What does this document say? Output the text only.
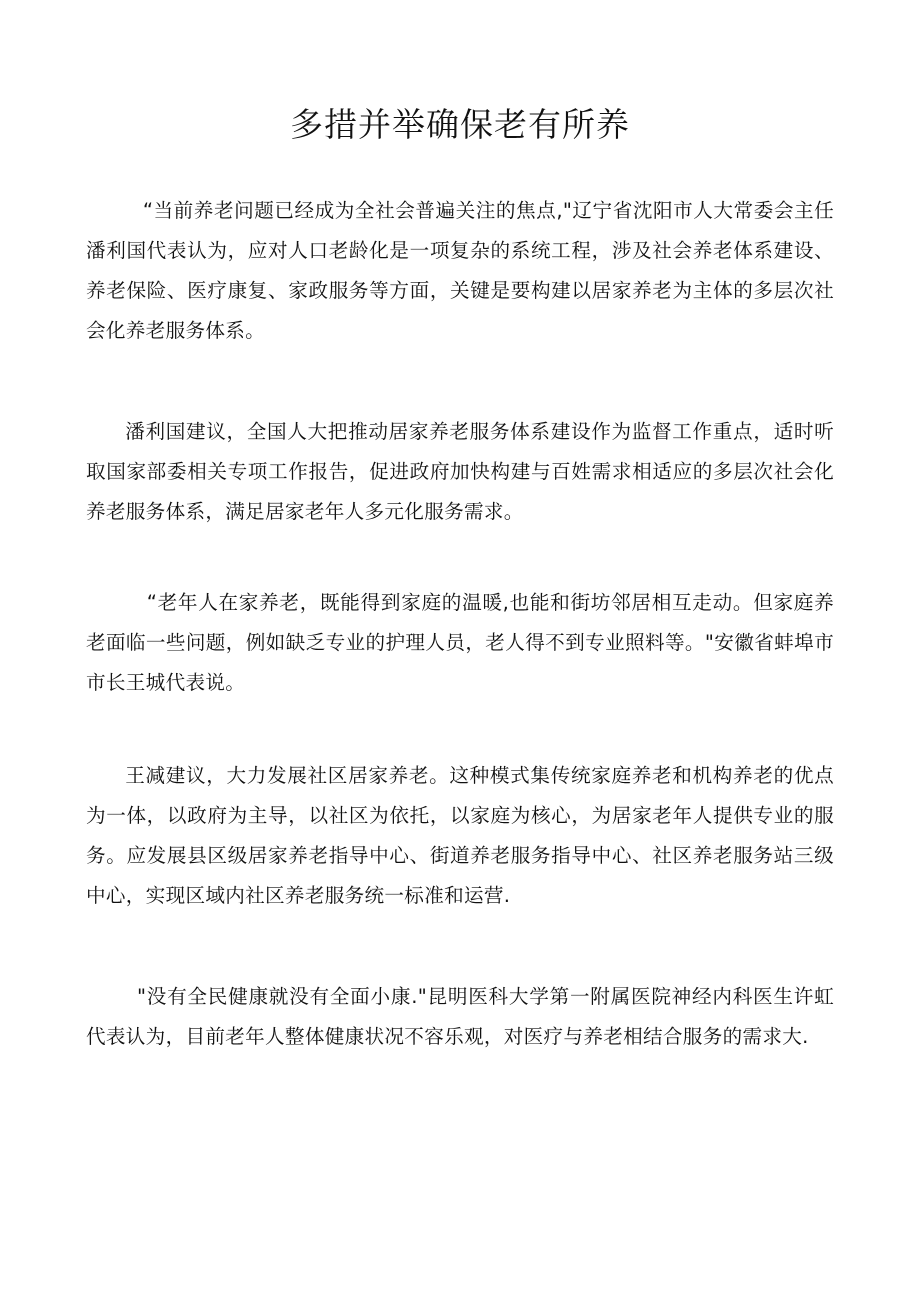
多措并举确保老有所养

“当前养老问题已经成为全社会普遍关注的焦点,"辽宁省沈阳市人大常委会主任潘利国代表认为，应对人口老龄化是一项复杂的系统工程，涉及社会养老体系建设、养老保险、医疗康复、家政服务等方面，关键是要构建以居家养老为主体的多层次社会化养老服务体系。

潘利国建议，全国人大把推动居家养老服务体系建设作为监督工作重点，适时听取国家部委相关专项工作报告，促进政府加快构建与百姓需求相适应的多层次社会化养老服务体系，满足居家老年人多元化服务需求。

“老年人在家养老，既能得到家庭的温暖,也能和街坊邻居相互走动。但家庭养老面临一些问题，例如缺乏专业的护理人员，老人得不到专业照料等。"安徽省蚌埠市市长王城代表说。

王减建议，大力发展社区居家养老。这种模式集传统家庭养老和机构养老的优点为一体，以政府为主导，以社区为依托，以家庭为核心，为居家老年人提供专业的服务。应发展县区级居家养老指导中心、街道养老服务指导中心、社区养老服务站三级中心，实现区域内社区养老服务统一标准和运营.

"没有全民健康就没有全面小康."昆明医科大学第一附属医院神经内科医生许虹代表认为，目前老年人整体健康状况不容乐观，对医疗与养老相结合服务的需求大.
